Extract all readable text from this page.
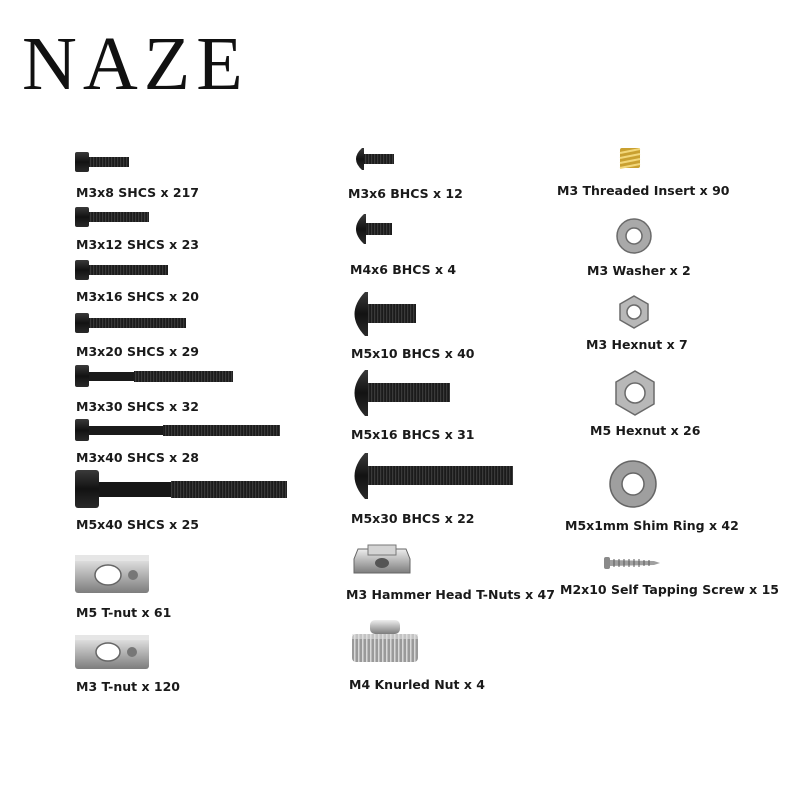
NAZE
M3x8 SHCS x 217
M3x12 SHCS x 23
M3x16 SHCS x 20
M3x20 SHCS x 29
M3x30 SHCS x 32
M3x40 SHCS x 28
M5x40 SHCS x 25
M5 T-nut x 61
M3 T-nut x 120
M3x6 BHCS x 12
M4x6 BHCS x 4
M5x10 BHCS x 40
M5x16 BHCS x 31
M5x30 BHCS x 22
M3 Hammer Head T-Nuts x 47
M4 Knurled Nut x 4
M3 Threaded Insert x 90
M3 Washer x 2
M3 Hexnut x 7
M5 Hexnut x 26
M5x1mm Shim Ring x 42
M2x10 Self Tapping Screw x 15
